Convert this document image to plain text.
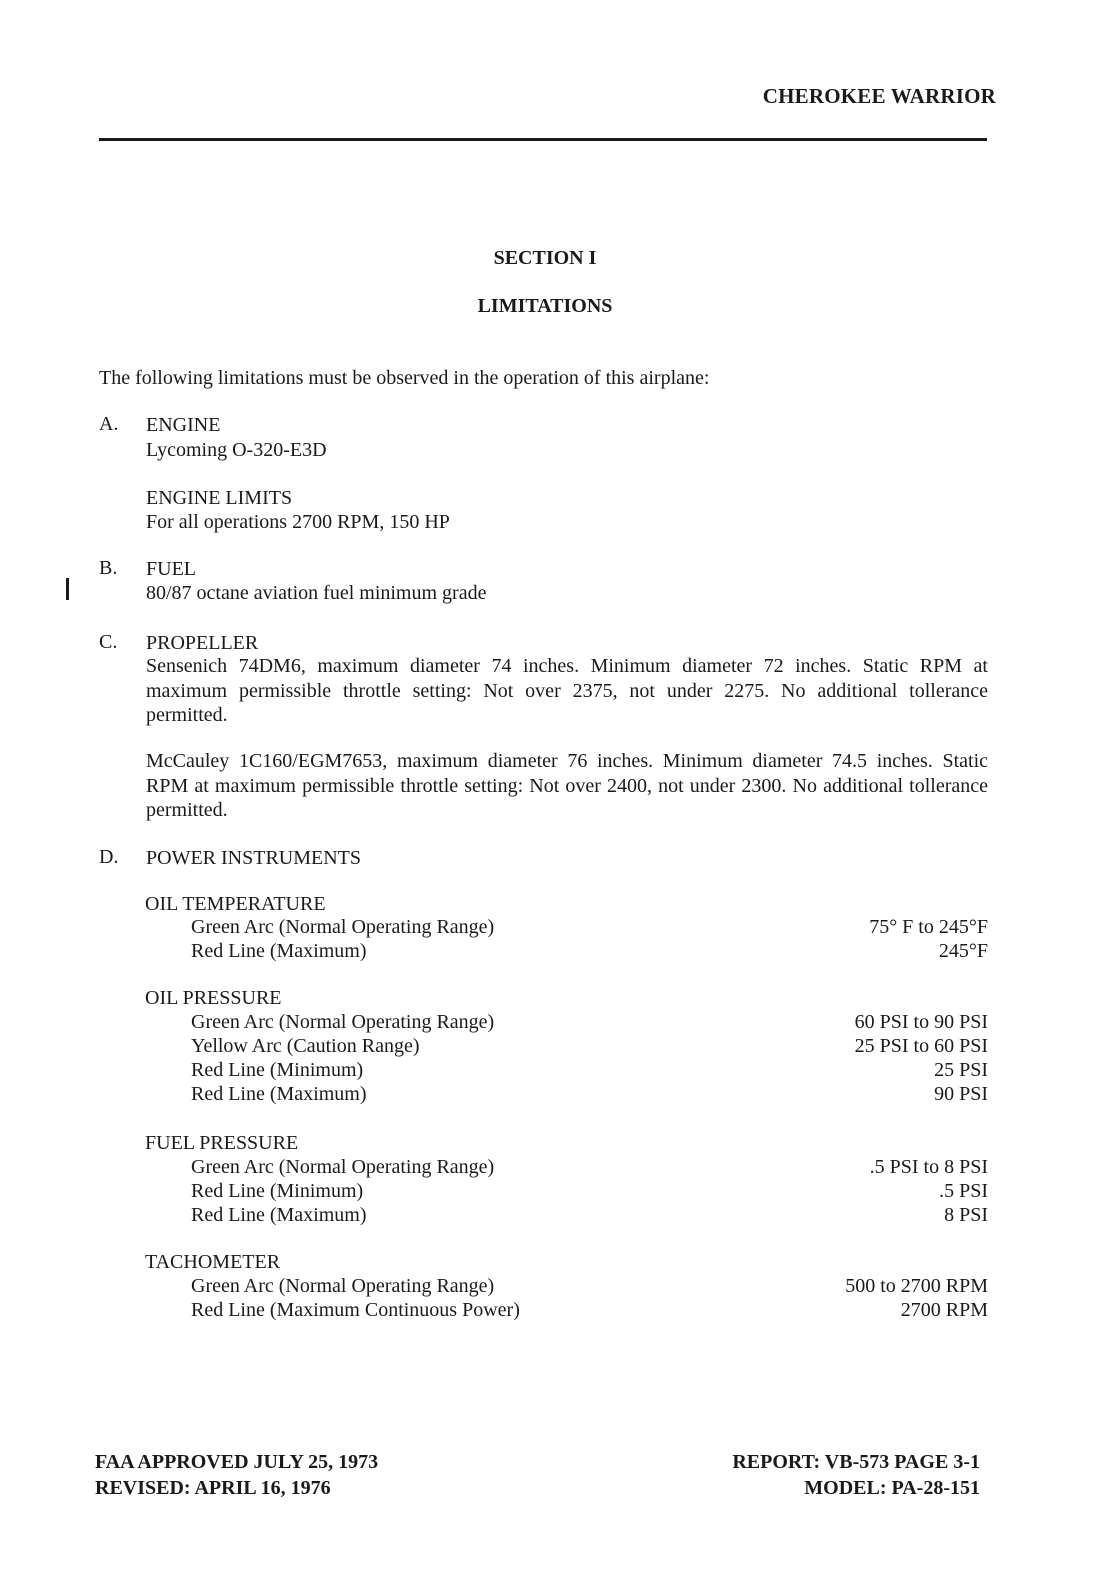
CHEROKEE WARRIOR
SECTION I
LIMITATIONS
The following limitations must be observed in the operation of this airplane:
A. ENGINE
Lycoming O-320-E3D
ENGINE LIMITS
For all operations 2700 RPM, 150 HP
B. FUEL
80/87 octane aviation fuel minimum grade
C. PROPELLER
Sensenich 74DM6, maximum diameter 74 inches. Minimum diameter 72 inches. Static RPM at maximum permissible throttle setting: Not over 2375, not under 2275. No additional tollerance permitted.
McCauley 1C160/EGM7653, maximum diameter 76 inches. Minimum diameter 74.5 inches. Static RPM at maximum permissible throttle setting: Not over 2400, not under 2300. No additional tollerance permitted.
D. POWER INSTRUMENTS
OIL TEMPERATURE
Green Arc (Normal Operating Range)	75° F to 245°F
Red Line (Maximum)	245°F
OIL PRESSURE
Green Arc (Normal Operating Range)	60 PSI to 90 PSI
Yellow Arc (Caution Range)	25 PSI to 60 PSI
Red Line (Minimum)	25 PSI
Red Line (Maximum)	90 PSI
FUEL PRESSURE
Green Arc (Normal Operating Range)	.5 PSI to 8 PSI
Red Line (Minimum)	.5 PSI
Red Line (Maximum)	8 PSI
TACHOMETER
Green Arc (Normal Operating Range)	500 to 2700 RPM
Red Line (Maximum Continuous Power)	2700 RPM
FAA APPROVED JULY 25, 1973
REVISED: APRIL 16, 1976
REPORT: VB-573 PAGE 3-1
MODEL: PA-28-151
